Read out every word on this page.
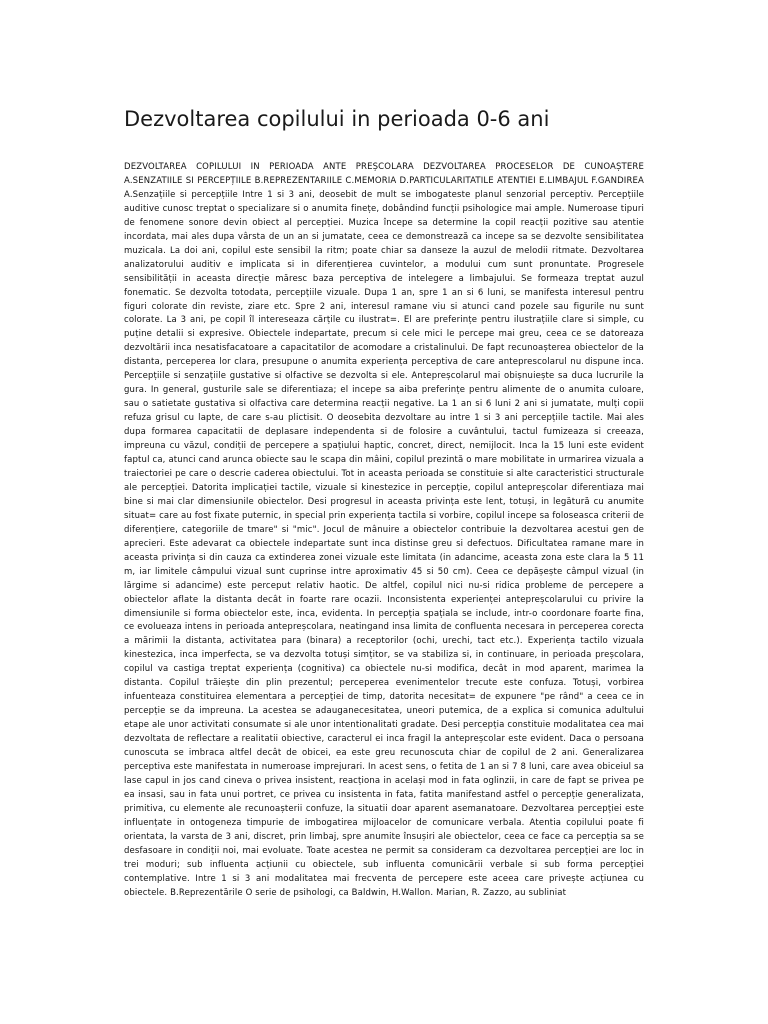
Dezvoltarea copilului in perioada 0-6 ani

DEZVOLTAREA COPILULUI IN PERIOADA ANTE PREȘCOLARA DEZVOLTAREA PROCESELOR DE CUNOAȘTERE A.SENZATIILE SI PERCEPȚIILE B.REPREZENTARIILE C.MEMORIA D.PARTICULARITATILE ATENTIEI E.LIMBAJUL F.GANDIREA A.Senzațiile si percepțiile Intre 1 si 3 ani, deosebit de mult se imbogateste planul senzorial perceptiv. Percepțiile auditive cunosc treptat o specializare si o anumita finețe, dobândind funcții psihologice mai ample. Numeroase tipuri de fenomene sonore devin obiect al percepției. Muzica începe sa determine la copil reacții pozitive sau atentie incordata, mai ales dupa vârsta de un an si jumatate, ceea ce demonstrează ca incepe sa se dezvolte sensibilitatea muzicala. La doi ani, copilul este sensibil la ritm; poate chiar sa danseze la auzul de melodii ritmate. Dezvoltarea analizatorului auditiv e implicata si in diferențierea cuvintelor, a modului cum sunt pronuntate. Progresele sensibilității in aceasta direcție măresc baza perceptiva de intelegere a limbajului. Se formeaza treptat auzul fonematic. Se dezvolta totodata, percepțiile vizuale. Dupa 1 an, spre 1 an si 6 luni, se manifesta interesul pentru figuri colorate din reviste, ziare etc. Spre 2 ani, interesul ramane viu si atunci cand pozele sau figurile nu sunt colorate. La 3 ani, pe copil îl intereseaza cărțile cu ilustrat=. El are preferințe pentru ilustrațiile clare si simple, cu puține detalii si expresive. Obiectele indepartate, precum si cele mici le percepe mai greu, ceea ce se datoreaza dezvoltării inca nesatisfacatoare a capacitatilor de acomodare a cristalinului. De fapt recunoașterea obiectelor de la distanta, perceperea lor clara, presupune o anumita experiența perceptiva de care anteprescolarul nu dispune inca. Percepțiile si senzațiile gustative si olfactive se dezvolta si ele. Antepreșcolarul mai obișnuiește sa duca lucrurile la gura. In general, gusturile sale se diferentiaza; el incepe sa aiba preferințe pentru alimente de o anumita culoare, sau o satietate gustativa si olfactiva care determina reacții negative. La 1 an si 6 luni 2 ani si jumatate, mulți copii refuza grisul cu lapte, de care s-au plictisit. O deosebita dezvoltare au intre 1 si 3 ani percepțiile tactile. Mai ales dupa formarea capacitatii de deplasare independenta si de folosire a cuvântului, tactul fumizeaza si creeaza, impreuna cu văzul, condiții de percepere a spațiului haptic, concret, direct, nemijlocit. Inca la 15 luni este evident faptul ca, atunci cand arunca obiecte sau le scapa din mâini, copilul prezintă o mare mobilitate in urmarirea vizuala a traiectoriei pe care o descrie caderea obiectului. Tot in aceasta perioada se constituie si alte caracteristici structurale ale percepției. Datorita implicației tactile, vizuale si kinestezice in percepție, copilul antepreșcolar diferentiaza mai bine si mai clar dimensiunile obiectelor. Desi progresul in aceasta privința este lent, totuși, in legătură cu anumite situat= care au fost fixate puternic, in special prin experiența tactila si vorbire, copilul incepe sa foloseasca criterii de diferențiere, categoriile de tmare" si "mic". Jocul de mânuire a obiectelor contribuie la dezvoltarea acestui gen de aprecieri. Este adevarat ca obiectele indepartate sunt inca distinse greu si defectuos. Dificultatea ramane mare in aceasta privința si din cauza ca extinderea zonei vizuale este limitata (in adancime, aceasta zona este clara la 5 11 m, iar limitele câmpului vizual sunt cuprinse intre aproximativ 45 si 50 cm). Ceea ce depășește câmpul vizual (in lărgime si adancime) este perceput relativ haotic. De altfel, copilul nici nu-si ridica probleme de percepere a obiectelor aflate la distanta decât in foarte rare ocazii. Inconsistenta experienței antepreșcolarului cu privire la dimensiunile si forma obiectelor este, inca, evidenta. In percepția spațiala se include, intr-o coordonare foarte fina, ce evolueaza intens in perioada antepreșcolara, neatingand insa limita de confluenta necesara in perceperea corecta a mărimii la distanta, activitatea para (binara) a receptorilor (ochi, urechi, tact etc.). Experiența tactilo vizuala kinestezica, inca imperfecta, se va dezvolta totuși simțitor, se va stabiliza si, in continuare, in perioada preșcolara, copilul va castiga treptat experiența (cognitiva) ca obiectele nu-si modifica, decât in mod aparent, marimea la distanta. Copilul trăiește din plin prezentul; perceperea evenimentelor trecute este confuza. Totuși, vorbirea infuenteaza constituirea elementara a percepției de timp, datorita necesitat= de expunere "pe rând" a ceea ce in percepție se da impreuna. La acestea se adauganecesitatea, uneori putemica, de a explica si comunica adultului etape ale unor activitati consumate si ale unor intentionalitati gradate. Desi percepția constituie modalitatea cea mai dezvoltata de reflectare a realitatii obiective, caracterul ei inca fragil la antepreșcolar este evident. Daca o persoana cunoscuta se imbraca altfel decât de obicei, ea este greu recunoscuta chiar de copilul de 2 ani. Generalizarea perceptiva este manifestata in numeroase imprejurari. In acest sens, o fetita de 1 an si 7 8 luni, care avea obiceiul sa lase capul in jos cand cineva o privea insistent, reacționa in același mod in fata oglinzii, in care de fapt se privea pe ea insasi, sau in fata unui portret, ce privea cu insistenta in fata, fatita manifestand astfel o percepție generalizata, primitiva, cu elemente ale recunoașterii confuze, la situatii doar aparent asemanatoare. Dezvoltarea percepției este influențate in ontogeneza timpurie de imbogatirea mijloacelor de comunicare verbala. Atentia copilului poate fi orientata, la varsta de 3 ani, discret, prin limbaj, spre anumite însușiri ale obiectelor, ceea ce face ca percepția sa se desfasoare in condiții noi, mai evoluate. Toate acestea ne permit sa consideram ca dezvoltarea percepției are loc in trei moduri; sub influenta acțiunii cu obiectele, sub influenta comunicării verbale si sub forma percepției contemplative. Intre 1 si 3 ani modalitatea mai frecventa de percepere este aceea care privește acțiunea cu obiectele. B.Reprezentările O serie de psihologi, ca Baldwin, H.Wallon. Marian, R. Zazzo, au subliniat
